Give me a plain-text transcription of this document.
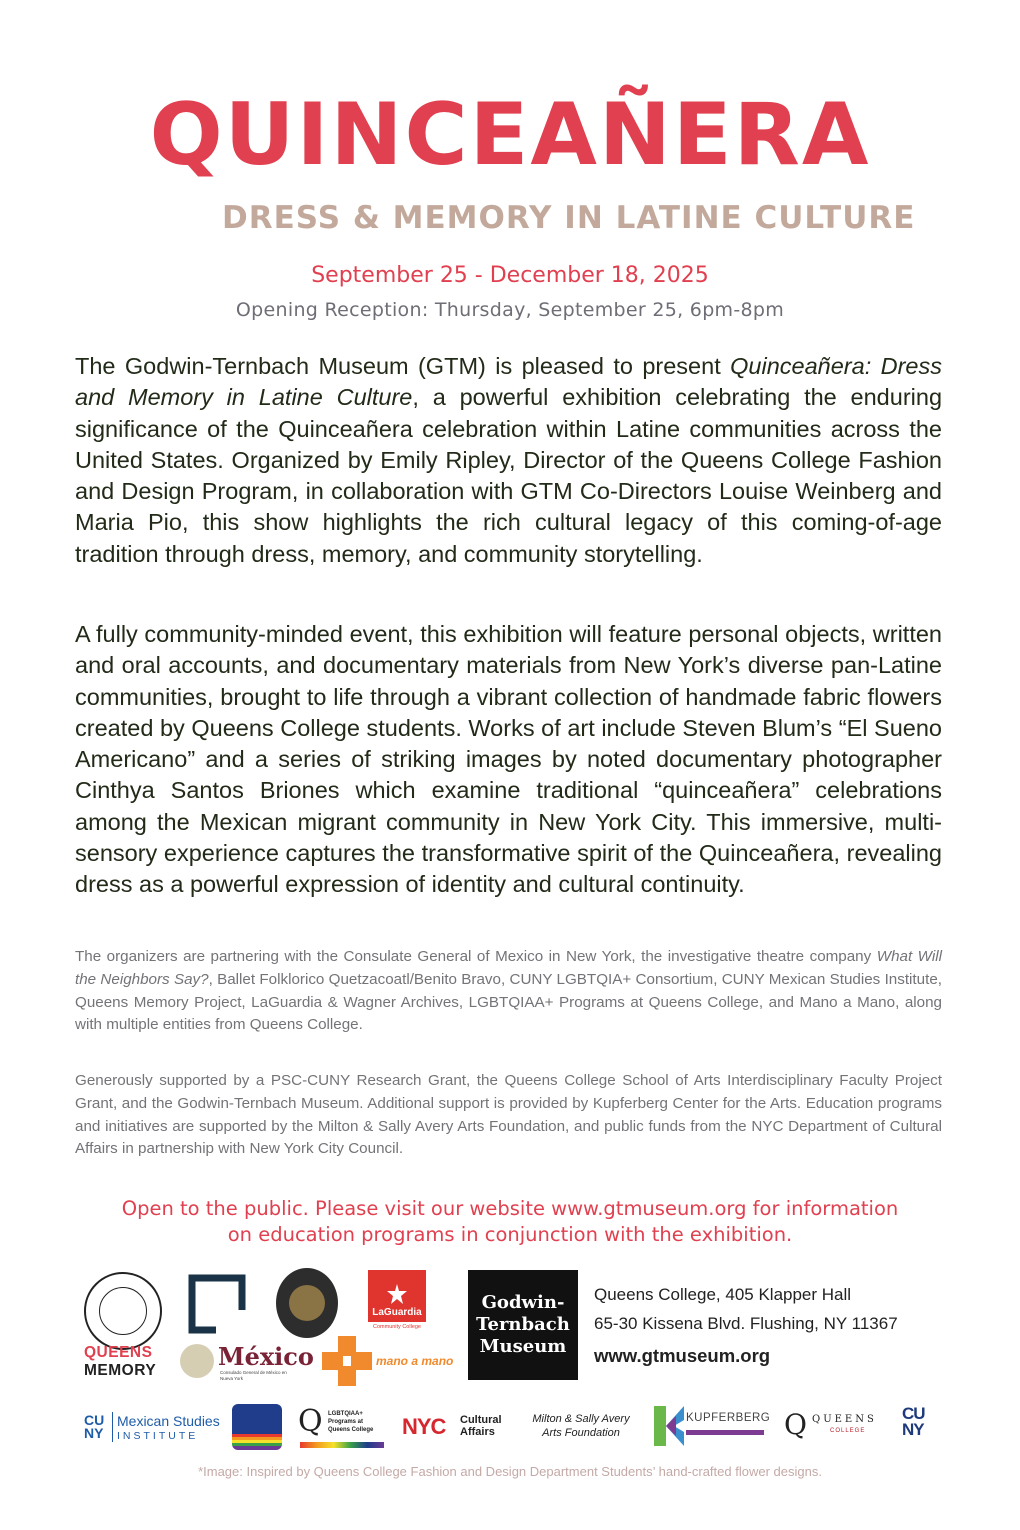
QUINCEAÑERA
DRESS & MEMORY IN LATINE CULTURE
September 25 - December 18, 2025
Opening Reception: Thursday, September 25, 6pm-8pm

The Godwin-Ternbach Museum (GTM) is pleased to present Quinceañera: Dress and Memory in Latine Culture, a powerful exhibition celebrating the enduring significance of the Quinceañera celebration within Latine communities across the United States. Organized by Emily Ripley, Director of the Queens College Fashion and Design Program, in collaboration with GTM Co-Directors Louise Weinberg and Maria Pio, this show highlights the rich cultural legacy of this coming-of-age tradition through dress, memory, and community storytelling.

A fully community-minded event, this exhibition will feature personal objects, written and oral accounts, and documentary materials from New York’s diverse pan-Latine communities, brought to life through a vibrant collection of handmade fabric flowers created by Queens College students. Works of art include Steven Blum’s “El Sueno Americano” and a series of striking images by noted documentary photographer Cinthya Santos Briones which examine traditional “quinceañera” celebrations among the Mexican migrant community in New York City. This immersive, multi-sensory experience captures the transformative spirit of the Quinceañera, revealing dress as a powerful expression of identity and cultural continuity.

The organizers are partnering with the Consulate General of Mexico in New York, the investigative theatre company What Will the Neighbors Say?, Ballet Folklorico Quetzacoatl/Benito Bravo, CUNY LGBTQIA+ Consortium, CUNY Mexican Studies Institute, Queens Memory Project, LaGuardia & Wagner Archives, LGBTQIAA+ Programs at Queens College, and Mano a Mano, along with multiple entities from Queens College.

Generously supported by a PSC-CUNY Research Grant, the Queens College School of Arts Interdisciplinary Faculty Project Grant, and the Godwin-Ternbach Museum. Additional support is provided by Kupferberg Center for the Arts. Education programs and initiatives are supported by the Milton & Sally Avery Arts Foundation, and public funds from the NYC Department of Cultural Affairs in partnership with New York City Council.

Open to the public. Please visit our website www.gtmuseum.org for information
on education programs in conjunction with the exhibition.
LaGuardia
Community College
QUEENS
MEMORY	México
Consulado General de México en Nueva York
mano a mano
Godwin-
Ternbach
Museum
Queens College, 405 Klapper Hall
65-30 Kissena Blvd. Flushing, NY 11367
www.gtmuseum.org
CU
NY
Mexican Studies
INSTITUTE	Q LGBTQIAA+ Programs at Queens College	NYC Cultural
Affairs
Milton & Sally Avery
Arts Foundation
KUPFERBERG Q QUEENS
COLLEGE
CU
NY
*Image: Inspired by Queens College Fashion and Design Department Students’ hand-crafted flower designs.
